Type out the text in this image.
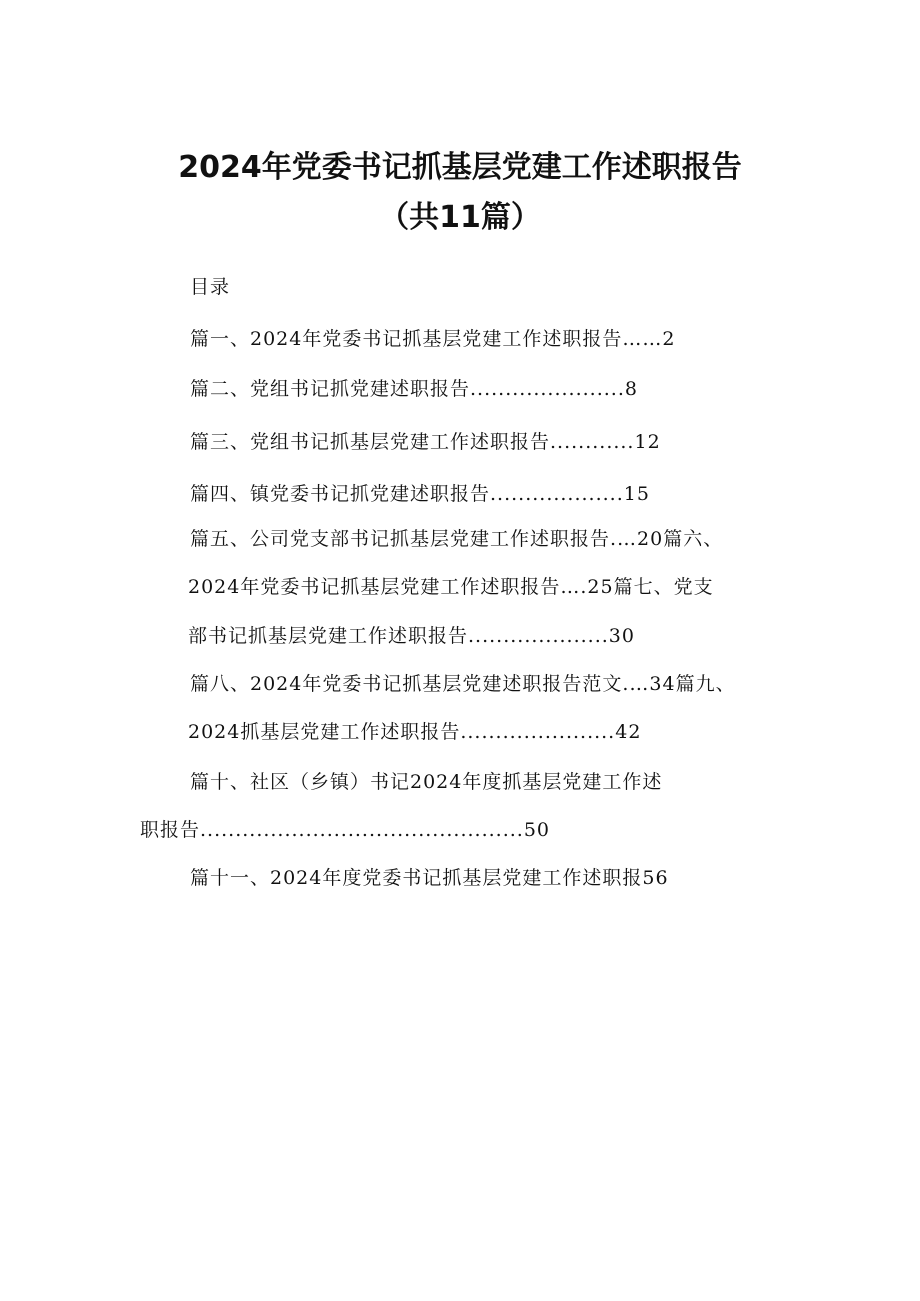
2024年党委书记抓基层党建工作述职报告
（共11篇）
目录
篇一、2024年党委书记抓基层党建工作述职报告……2
篇二、党组书记抓党建述职报告......................8
篇三、党组书记抓基层党建工作述职报告............12
篇四、镇党委书记抓党建述职报告...................15
篇五、公司党支部书记抓基层党建工作述职报告.…20篇六、
2024年党委书记抓基层党建工作述职报告….25篇七、党支
部书记抓基层党建工作述职报告....................30
篇八、2024年党委书记抓基层党建述职报告范文.…34篇九、
2024抓基层党建工作述职报告......................42
篇十、社区（乡镇）书记2024年度抓基层党建工作述
职报告..............................................50
篇十一、2024年度党委书记抓基层党建工作述职报56
